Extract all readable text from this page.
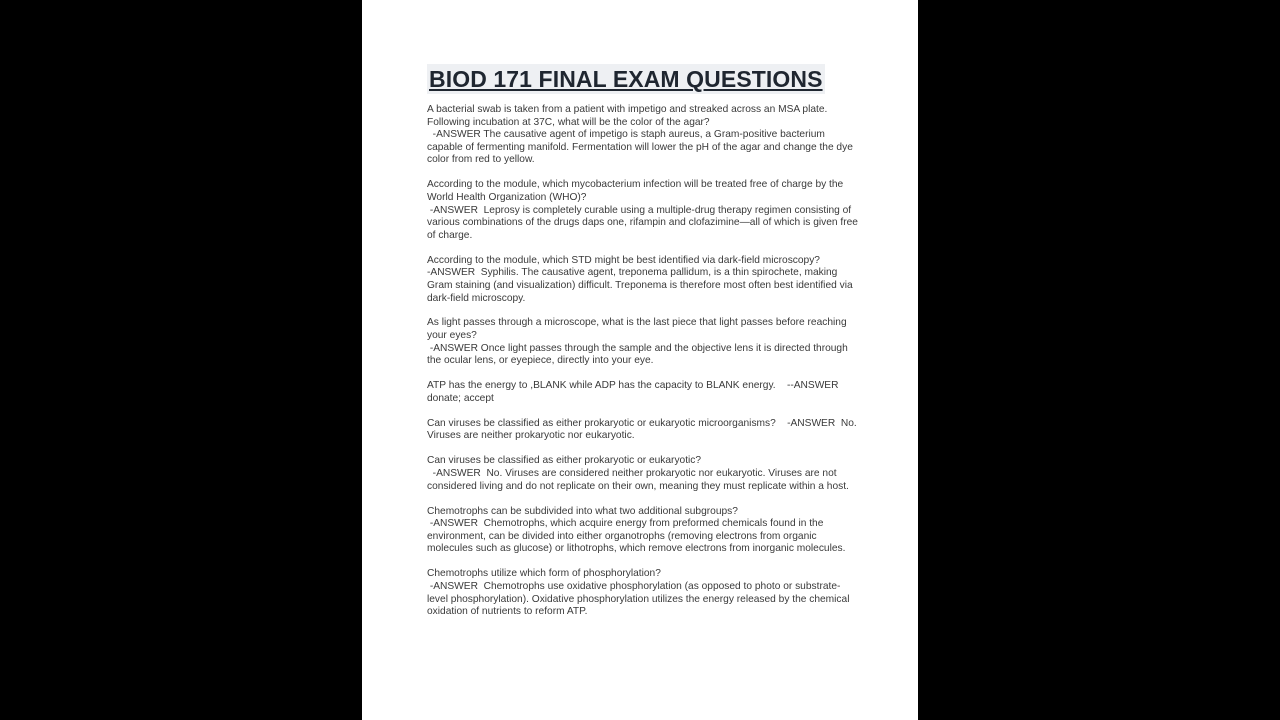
BIOD 171 FINAL EXAM QUESTIONS
A bacterial swab is taken from a patient with impetigo and streaked across an MSA plate. Following incubation at 37C, what will be the color of the agar?  -ANSWER The causative agent of impetigo is staph aureus, a Gram-positive bacterium capable of fermenting manifold. Fermentation will lower the pH of the agar and change the dye color from red to yellow.
According to the module, which mycobacterium infection will be treated free of charge by the World Health Organization (WHO)? -ANSWER  Leprosy is completely curable using a multiple-drug therapy regimen consisting of various combinations of the drugs daps one, rifampin and clofazimine—all of which is given free of charge.
According to the module, which STD might be best identified via dark-field microscopy?-ANSWER  Syphilis. The causative agent, treponema pallidum, is a thin spirochete, making Gram staining (and visualization) difficult. Treponema is therefore most often best identified via dark-field microscopy.
As light passes through a microscope, what is the last piece that light passes before reaching your eyes? -ANSWER Once light passes through the sample and the objective lens it is directed through the ocular lens, or eyepiece, directly into your eye.
ATP has the energy to ,BLANK while ADP has the capacity to BLANK energy.    --ANSWER donate; accept
Can viruses be classified as either prokaryotic or eukaryotic microorganisms?    -ANSWER  No. Viruses are neither prokaryotic nor eukaryotic.
Can viruses be classified as either prokaryotic or eukaryotic?  -ANSWER  No. Viruses are considered neither prokaryotic nor eukaryotic. Viruses are not considered living and do not replicate on their own, meaning they must replicate within a host.
Chemotrophs can be subdivided into what two additional subgroups? -ANSWER  Chemotrophs, which acquire energy from preformed chemicals found in the environment, can be divided into either organotrophs (removing electrons from organic molecules such as glucose) or lithotrophs, which remove electrons from inorganic molecules.
Chemotrophs utilize which form of phosphorylation? -ANSWER  Chemotrophs use oxidative phosphorylation (as opposed to photo or substrate-level phosphorylation). Oxidative phosphorylation utilizes the energy released by the chemical oxidation of nutrients to reform ATP.
